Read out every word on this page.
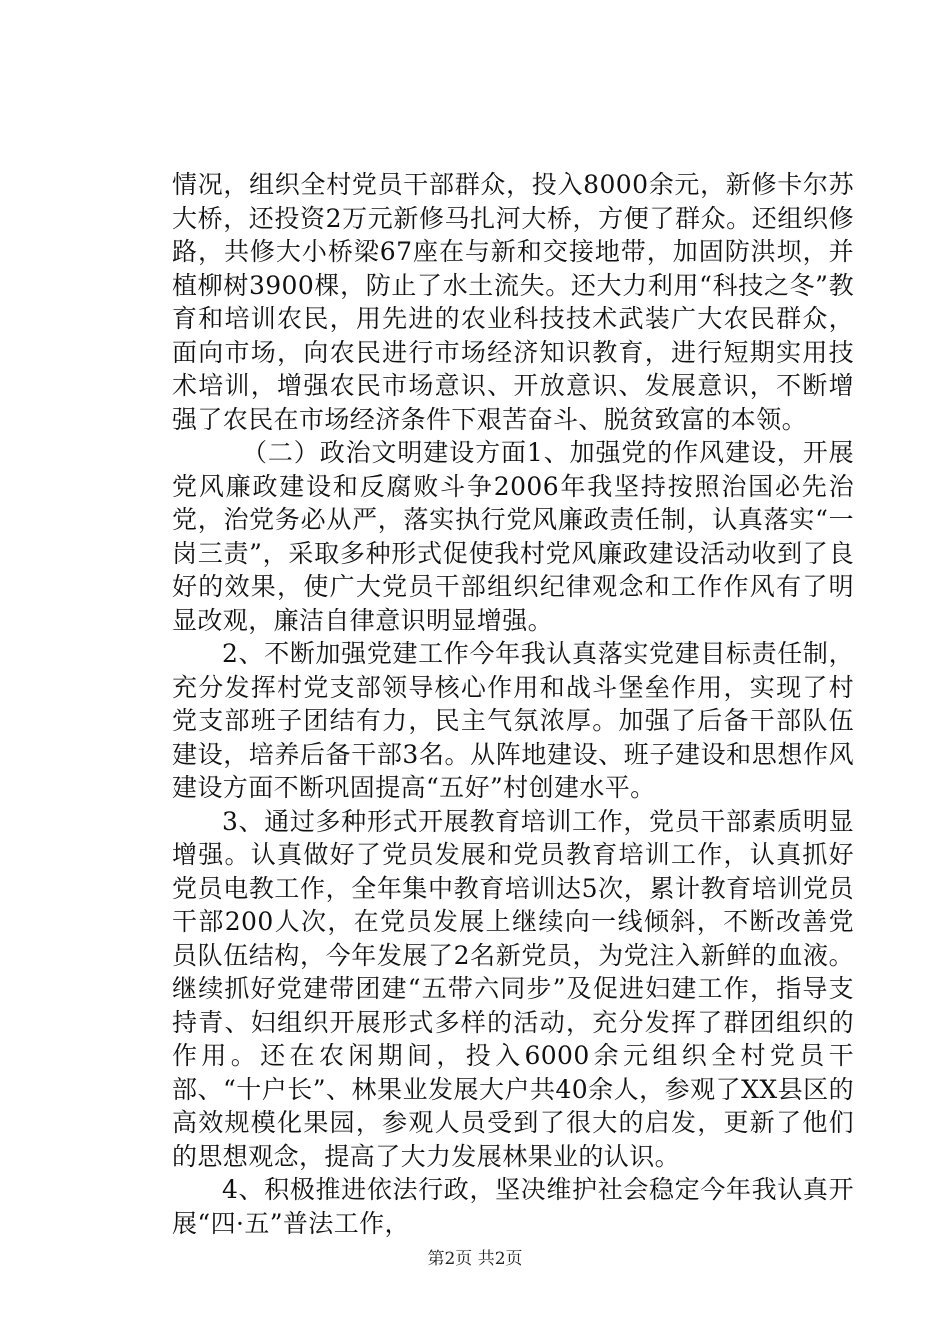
情况，组织全村党员干部群众，投入8000余元，新修卡尔苏大桥，还投资2万元新修马扎河大桥，方便了群众。还组织修路，共修大小桥梁67座在与新和交接地带，加固防洪坝，并植柳树3900棵，防止了水土流失。还大力利用“科技之冬”教育和培训农民，用先进的农业科技技术武装广大农民群众，面向市场，向农民进行市场经济知识教育，进行短期实用技术培训，增强农民市场意识、开放意识、发展意识，不断增强了农民在市场经济条件下艰苦奋斗、脱贫致富的本领。

（二）政治文明建设方面1、加强党的作风建设，开展党风廉政建设和反腐败斗争2006年我坚持按照治国必先治党，治党务必从严，落实执行党风廉政责任制，认真落实“一岗三责”，采取多种形式促使我村党风廉政建设活动收到了良好的效果，使广大党员干部组织纪律观念和工作作风有了明显改观，廉洁自律意识明显增强。

2、不断加强党建工作今年我认真落实党建目标责任制，充分发挥村党支部领导核心作用和战斗堡垒作用，实现了村党支部班子团结有力，民主气氛浓厚。加强了后备干部队伍建设，培养后备干部3名。从阵地建设、班子建设和思想作风建设方面不断巩固提高“五好”村创建水平。

3、通过多种形式开展教育培训工作，党员干部素质明显增强。认真做好了党员发展和党员教育培训工作，认真抓好党员电教工作，全年集中教育培训达5次，累计教育培训党员干部200人次，在党员发展上继续向一线倾斜，不断改善党员队伍结构，今年发展了2名新党员，为党注入新鲜的血液。继续抓好党建带团建“五带六同步”及促进妇建工作，指导支持青、妇组织开展形式多样的活动，充分发挥了群团组织的作用。还在农闲期间，投入6000余元组织全村党员干部、“十户长”、林果业发展大户共40余人，参观了XX县区的高效规模化果园，参观人员受到了很大的启发，更新了他们的思想观念，提高了大力发展林果业的认识。

4、积极推进依法行政，坚决维护社会稳定今年我认真开展“四·五”普法工作，

第2页 共2页
